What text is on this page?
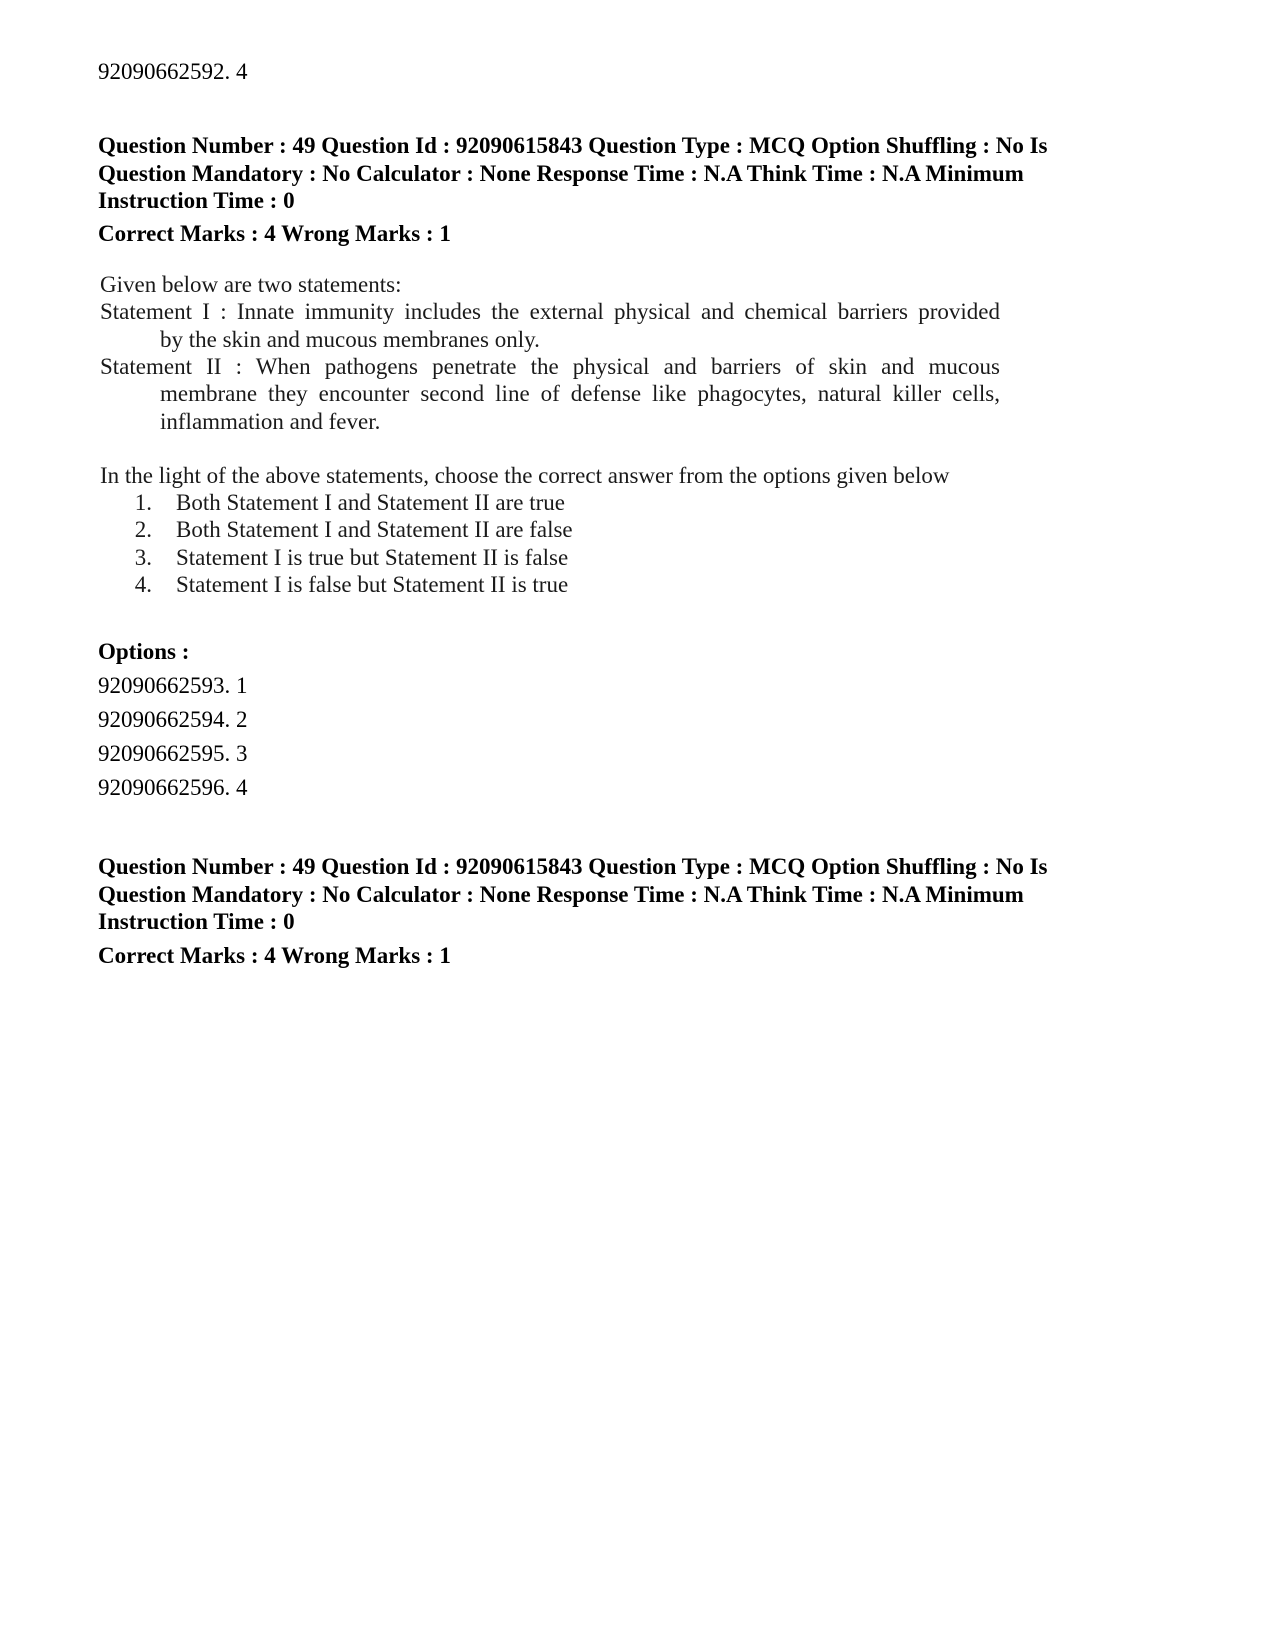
92090662592. 4

Question Number : 49 Question Id : 92090615843 Question Type : MCQ Option Shuffling : No Is

Question Mandatory : No Calculator : None Response Time : N.A Think Time : N.A Minimum

Instruction Time : 0

Correct Marks : 4 Wrong Marks : 1

Given below are two statements:
Statement I : Innate immunity includes the external physical and chemical barriers provided
by the skin and mucous membranes only.
Statement II : When pathogens penetrate the physical and barriers of skin and mucous
membrane they encounter second line of defense like phagocytes, natural killer cells,
inflammation and fever.
In the light of the above statements, choose the correct answer from the options given below
1. Both Statement I and Statement II are true
2. Both Statement I and Statement II are false
3. Statement I is true but Statement II is false
4. Statement I is false but Statement II is true

Options :

92090662593. 1

92090662594. 2

92090662595. 3

92090662596. 4

Question Number : 49 Question Id : 92090615843 Question Type : MCQ Option Shuffling : No Is

Question Mandatory : No Calculator : None Response Time : N.A Think Time : N.A Minimum

Instruction Time : 0

Correct Marks : 4 Wrong Marks : 1
